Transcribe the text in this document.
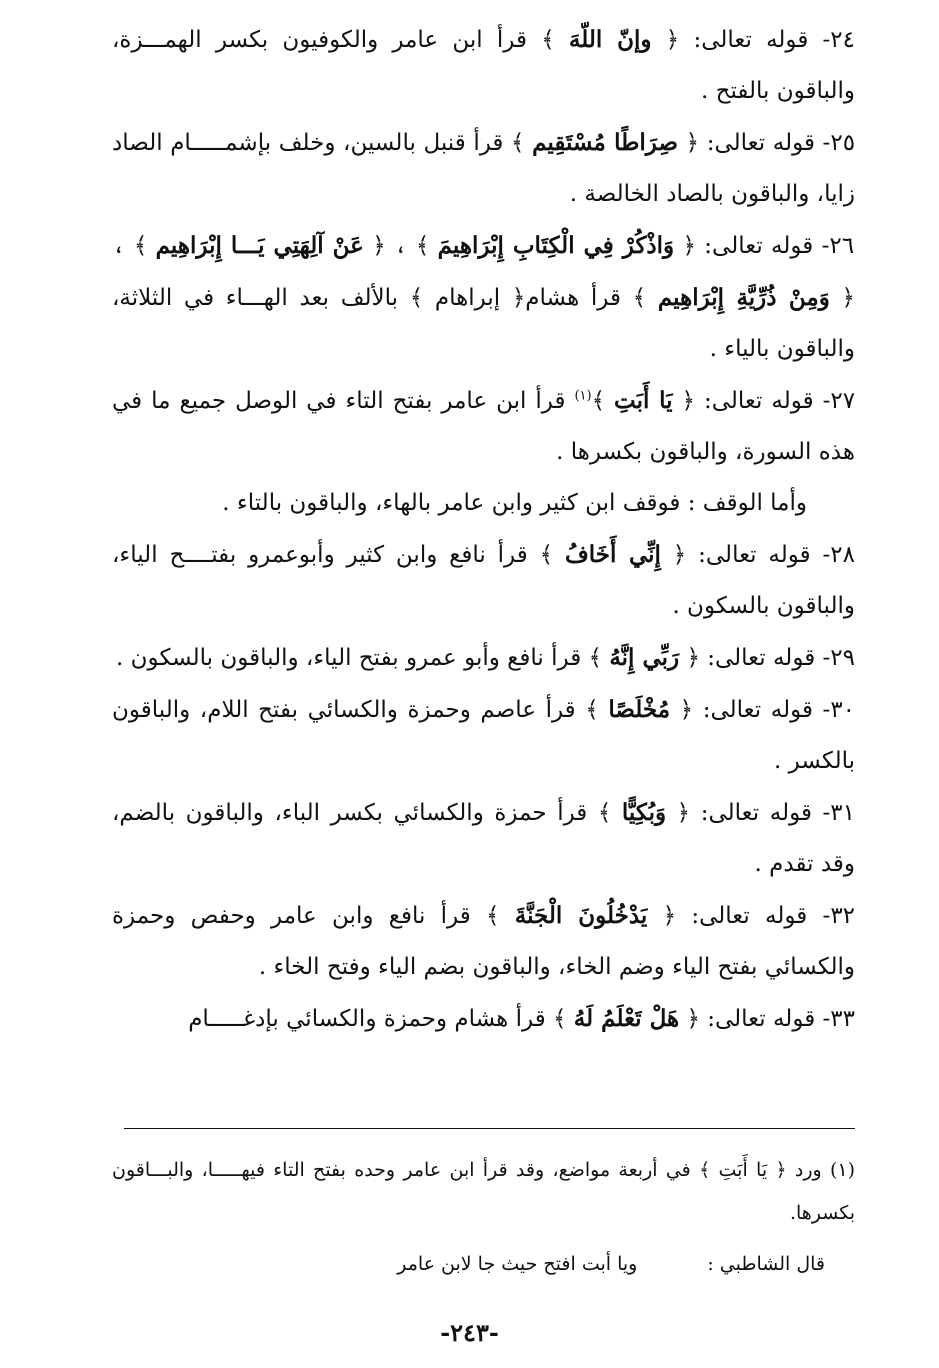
٢٤- قوله تعالى: ﴿ وإنّ اللّهَ ﴾ قرأ ابن عامر والكوفيون بكسر الهمـــزة، والباقون بالفتح .

٢٥- قوله تعالى: ﴿ صِرَاطًا مُسْتَقِيم ﴾ قرأ قنبل بالسين، وخلف بإشمـــــام الصاد زايا، والباقون بالصاد الخالصة .

٢٦- قوله تعالى: ﴿ وَاذْكُرْ فِي الْكِتَابِ إِبْرَاهِيمَ ﴾ ، ﴿ عَنْ آلِهَتِي يَـــا إِبْرَاهِيم ﴾ ، ﴿ وَمِنْ ذُرِّيَّةِ إِبْرَاهِيم ﴾ قرأ هشام﴿ إبراهام ﴾ بالألف بعد الهـــاء في الثلاثة، والباقون بالياء .

٢٧- قوله تعالى: ﴿ يَا أَبَتِ ﴾$^{(١)}$ قرأ ابن عامر بفتح التاء في الوصل جميع ما في هذه السورة، والباقون بكسرها .

وأما الوقف : فوقف ابن كثير وابن عامر بالهاء، والباقون بالتاء .

٢٨- قوله تعالى: ﴿ إِنِّي أَخَافُ ﴾ قرأ نافع وابن كثير وأبوعمرو بفتــــح الياء، والباقون بالسكون .

٢٩- قوله تعالى: ﴿ رَبِّي إِنَّهُ ﴾ قرأ نافع وأبو عمرو بفتح الياء، والباقون بالسكون .

٣٠- قوله تعالى: ﴿ مُخْلَصًا ﴾ قرأ عاصم وحمزة والكسائي بفتح اللام، والباقون بالكسر .

٣١- قوله تعالى: ﴿ وَبُكِيًّا ﴾ قرأ حمزة والكسائي بكسر الباء، والباقون بالضم، وقد تقدم .

٣٢- قوله تعالى: ﴿ يَدْخُلُونَ الْجَنَّةَ ﴾ قرأ نافع وابن عامر وحفص وحمزة والكسائي بفتح الياء وضم الخاء، والباقون بضم الياء وفتح الخاء .

٣٣- قوله تعالى: ﴿ هَلْ تَعْلَمُ لَهُ ﴾ قرأ هشام وحمزة والكسائي بإدغـــــام

(١) ورد ﴿ يَا أَبَتِ ﴾ في أربعة مواضع، وقد قرأ ابن عامر وحده بفتح التاء فيهـــــا، والبـــاقون بكسرها.

قال الشاطبي :ويا أبت افتح حيث جا لابن عامر

-٢٤٣-
